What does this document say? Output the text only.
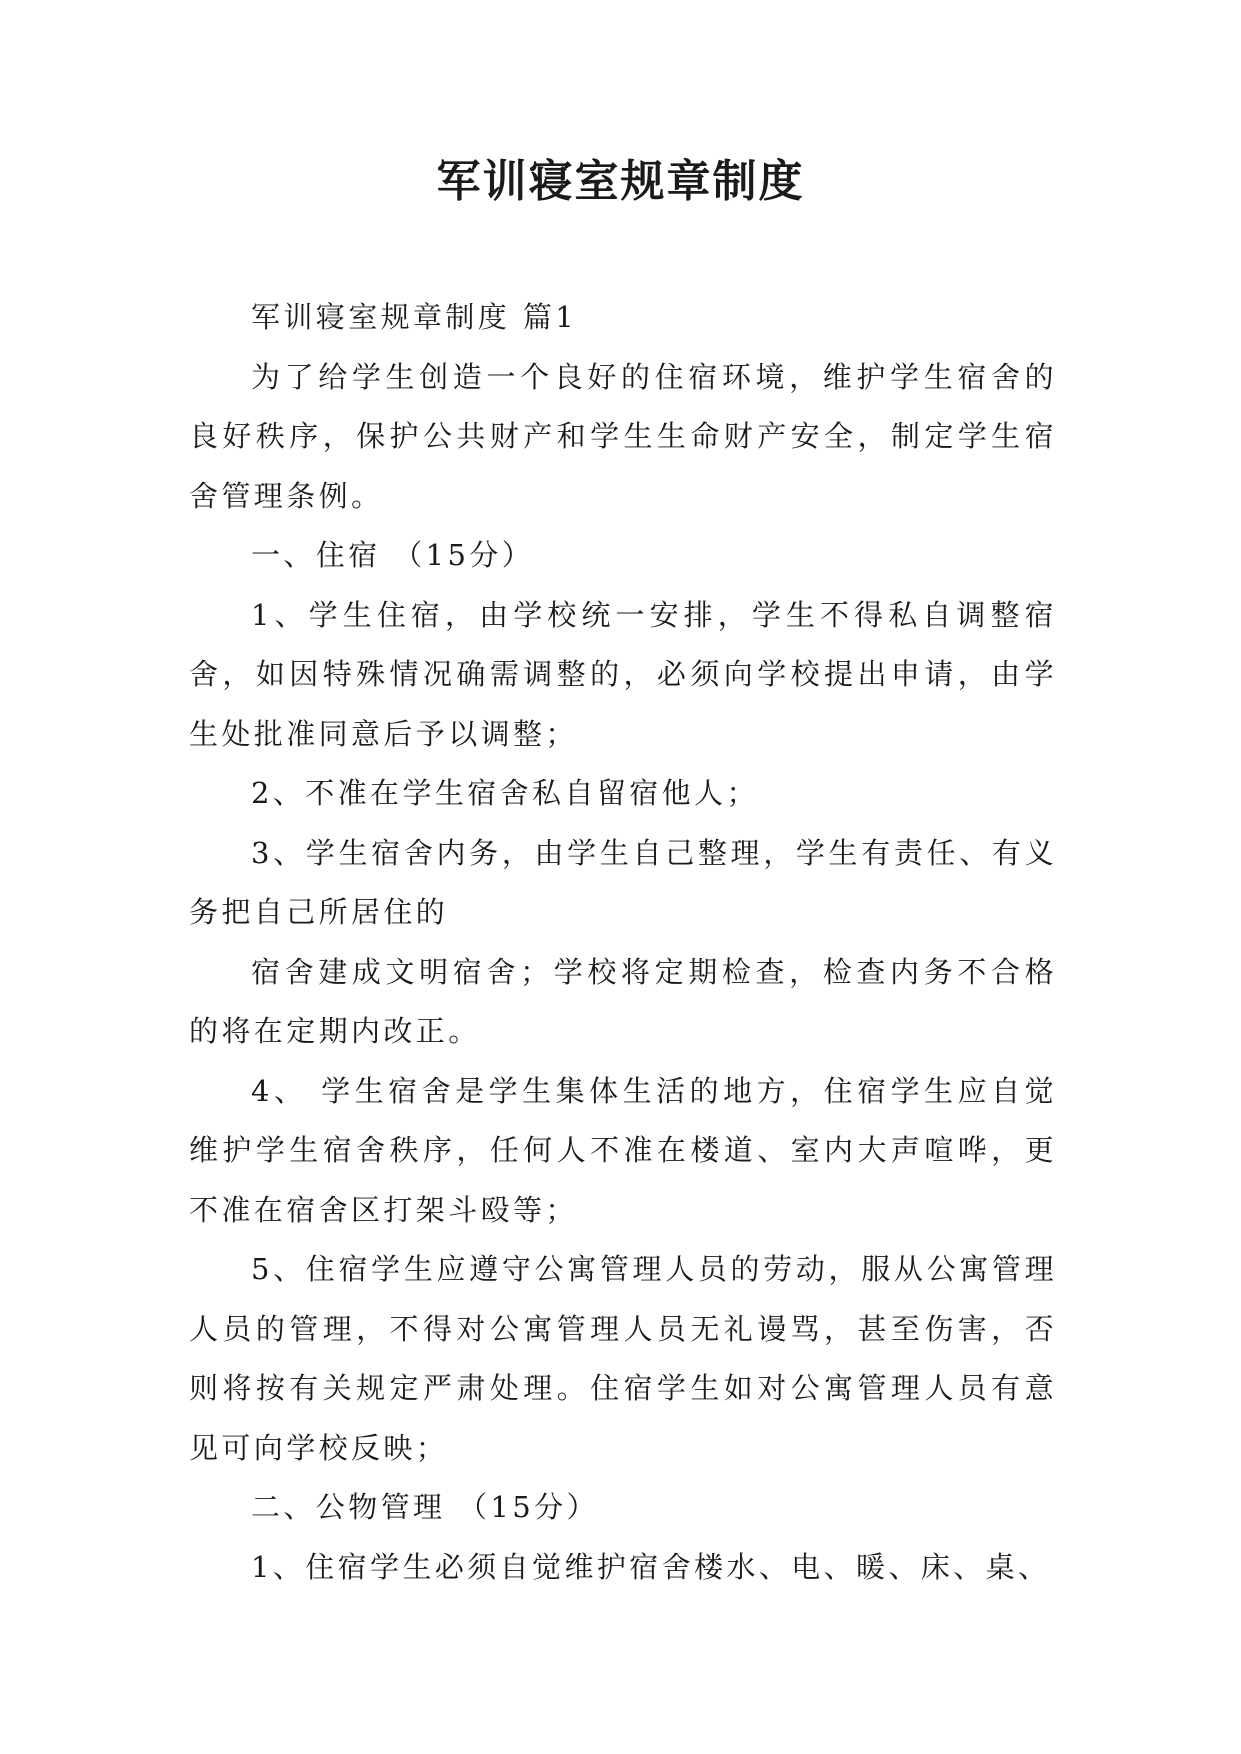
军训寝室规章制度

军训寝室规章制度 篇1

为了给学生创造一个良好的住宿环境，维护学生宿舍的良好秩序，保护公共财产和学生生命财产安全，制定学生宿舍管理条例。

一、住宿 （15分）

1、学生住宿，由学校统一安排，学生不得私自调整宿舍，如因特殊情况确需调整的，必须向学校提出申请，由学生处批准同意后予以调整；

2、不准在学生宿舍私自留宿他人；

3、学生宿舍内务，由学生自己整理，学生有责任、有义务把自己所居住的

宿舍建成文明宿舍；学校将定期检查，检查内务不合格的将在定期内改正。

4、 学生宿舍是学生集体生活的地方，住宿学生应自觉维护学生宿舍秩序，任何人不准在楼道、室内大声喧哗，更不准在宿舍区打架斗殴等；

5、住宿学生应遵守公寓管理人员的劳动，服从公寓管理人员的管理，不得对公寓管理人员无礼谩骂，甚至伤害，否则将按有关规定严肃处理。住宿学生如对公寓管理人员有意见可向学校反映；

二、公物管理 （15分）

1、住宿学生必须自觉维护宿舍楼水、电、暖、床、桌、
